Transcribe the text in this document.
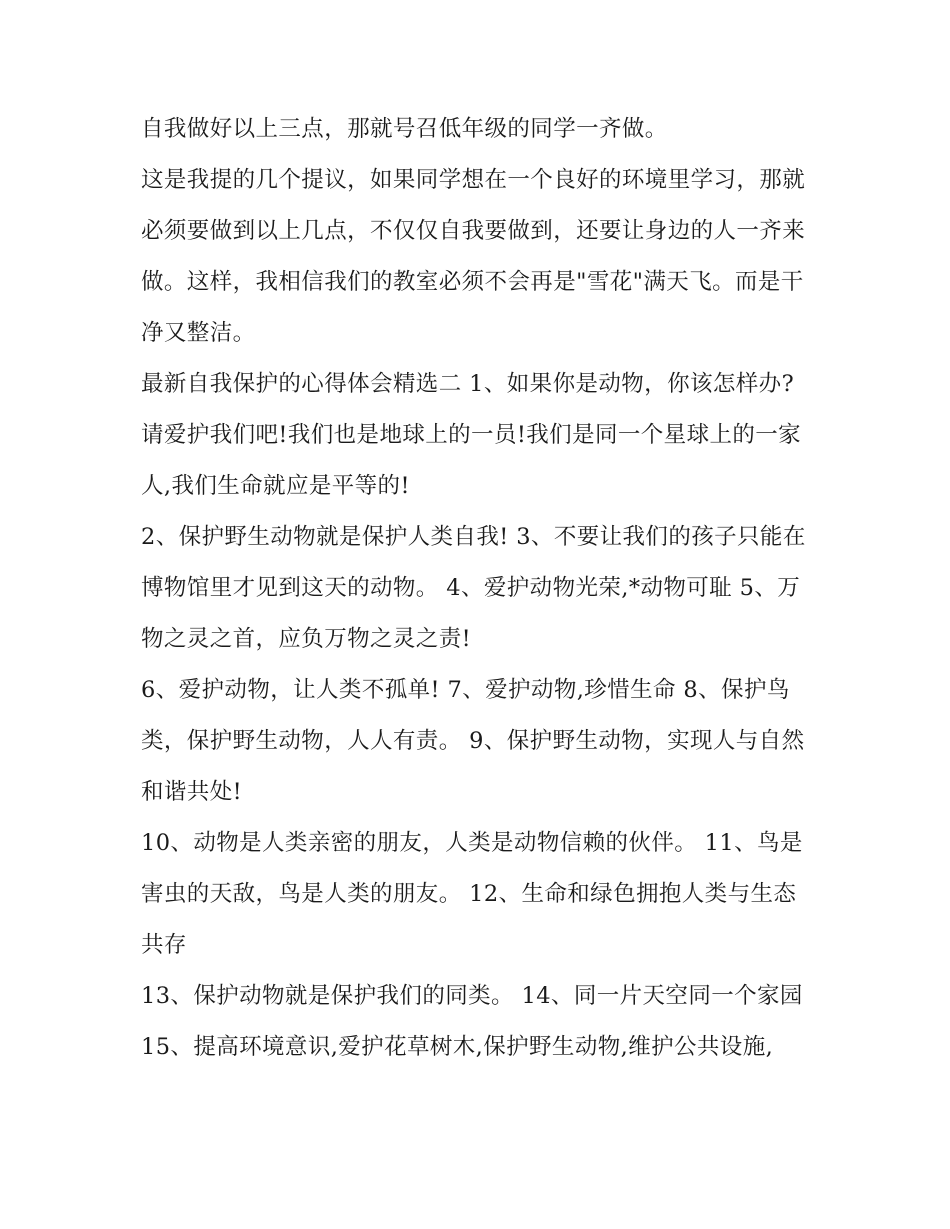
自我做好以上三点，那就号召低年级的同学一齐做。

这是我提的几个提议，如果同学想在一个良好的环境里学习，那就必须要做到以上几点，不仅仅自我要做到，还要让身边的人一齐来做。这样，我相信我们的教室必须不会再是"雪花"满天飞。而是干净又整洁。

最新自我保护的心得体会精选二 1、如果你是动物，你该怎样办?请爱护我们吧!我们也是地球上的一员!我们是同一个星球上的一家人,我们生命就应是平等的!

2、保护野生动物就是保护人类自我! 3、不要让我们的孩子只能在博物馆里才见到这天的动物。 4、爱护动物光荣,*动物可耻 5、万物之灵之首，应负万物之灵之责!

6、爱护动物，让人类不孤单! 7、爱护动物,珍惜生命 8、保护鸟类，保护野生动物，人人有责。 9、保护野生动物，实现人与自然和谐共处!

10、动物是人类亲密的朋友，人类是动物信赖的伙伴。 11、鸟是害虫的天敌，鸟是人类的朋友。 12、生命和绿色拥抱人类与生态共存

13、保护动物就是保护我们的同类。 14、同一片天空同一个家园

15、提高环境意识,爱护花草树木,保护野生动物,维护公共设施,
